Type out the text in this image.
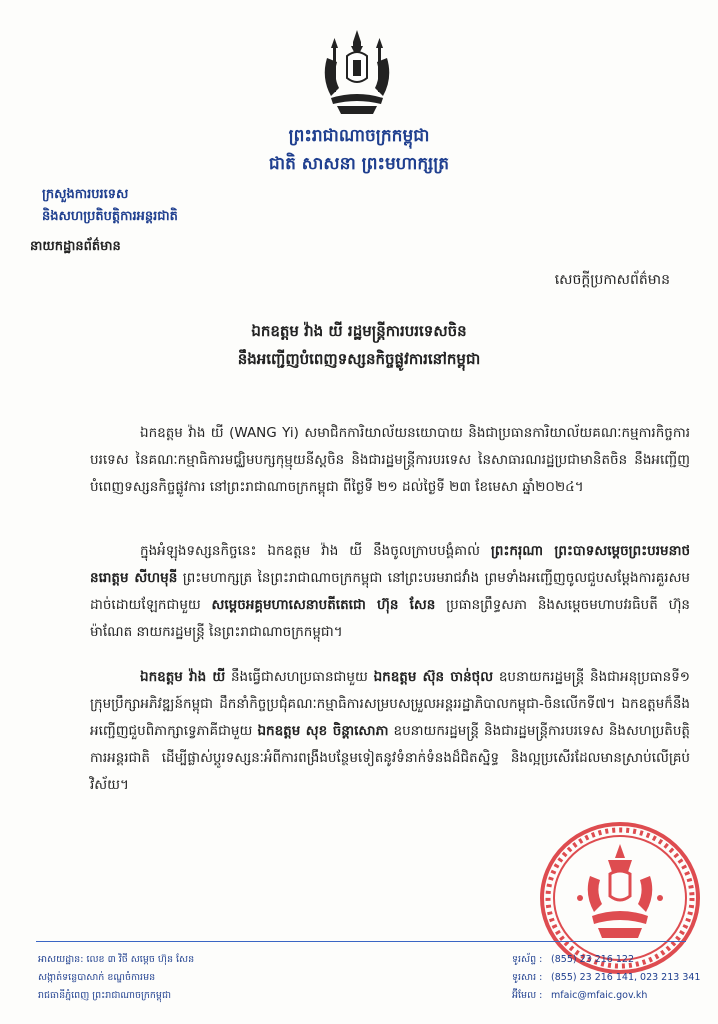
ព្រះរាជាណាចក្រកម្ពុជា
ជាតិ សាសនា ព្រះមហាក្សត្រ
ក្រសួងការបរទេស
និងសហប្រតិបត្តិការអន្តរជាតិ
នាយកដ្ឋានព័ត៌មាន
សេចក្តីប្រកាសព័ត៌មាន
ឯកឧត្តម វ៉ាង យី រដ្ឋមន្ត្រីការបរទេសចិន
នឹងអញ្ជើញបំពេញទស្សនកិច្ចផ្លូវការនៅកម្ពុជា
ឯកឧត្តម វ៉ាង យី (WANG Yi) សមាជិកការិយាល័យនយោបាយ និងជាប្រធានការិយាល័យគណៈកម្មការកិច្ចការបរទេស នៃគណៈកម្មាធិការមជ្ឈិមបក្សកុម្មុយនីស្តចិន និងជារដ្ឋមន្ត្រីការបរទេស នៃសាធារណរដ្ឋប្រជាមានិតចិន នឹងអញ្ជើញបំពេញទស្សនកិច្ចផ្លូវការ នៅព្រះរាជាណាចក្រកម្ពុជា ពីថ្ងៃទី ២១ ដល់ថ្ងៃទី ២៣ ខែមេសា ឆ្នាំ២០២៤។
ក្នុងអំឡុងទស្សនកិច្ចនេះ ឯកឧត្តម វ៉ាង យី នឹងចូលក្រាបបង្គំគាល់ ព្រះករុណា ព្រះបាទសម្តេចព្រះបរមនាថ នរោត្តម សីហមុនី ព្រះមហាក្សត្រ នៃព្រះរាជាណាចក្រកម្ពុជា នៅព្រះបរមរាជវាំង ព្រមទាំងអញ្ជើញចូលជួបសម្តែងការគួរសមដាច់ដោយឡែកជាមួយ សម្តេចអគ្គមហាសេនាបតីតេជោ ហ៊ុន សែន ប្រធានព្រឹទ្ធសភា និងសម្តេចមហាបវរធិបតី ហ៊ុន ម៉ាណែត នាយករដ្ឋមន្ត្រី នៃព្រះរាជាណាចក្រកម្ពុជា។
ឯកឧត្តម វ៉ាង យី នឹងធ្វើជាសហប្រធានជាមួយ ឯកឧត្តម ស៊ុន ចាន់ថុល ឧបនាយករដ្ឋមន្ត្រី និងជាអនុប្រធានទី១ ក្រុមប្រឹក្សាអភិវឌ្ឍន៍កម្ពុជា ដឹកនាំកិច្ចប្រជុំគណៈកម្មាធិការសម្របសម្រួលអន្តររដ្ឋាភិបាលកម្ពុជា-ចិនលើកទី៧។ ឯកឧត្តមក៏នឹងអញ្ជើញជួបពិភាក្សាទ្វេភាគីជាមួយ ឯកឧត្តម សុខ ចិន្តាសោភា ឧបនាយករដ្ឋមន្ត្រី និងជារដ្ឋមន្ត្រីការបរទេស និងសហប្រតិបត្តិការអន្តរជាតិ ដើម្បីផ្លាស់ប្តូរទស្សនៈអំពីការពង្រឹងបន្ថែមទៀតនូវទំនាក់ទំនងដ៏ជិតស្និទ្ធ និងល្អប្រសើរដែលមានស្រាប់លើគ្រប់វិស័យ។
អាសយដ្ឋាន: លេខ ៣ វិថី សម្តេច ហ៊ុន សែន
សង្កាត់ទន្លេបាសាក់ ខណ្ឌចំការមន
រាជធានីភ្នំពេញ ព្រះរាជាណាចក្រកម្ពុជា
ទូរស័ព្ទ : (855) 23 216 122
ទូរសារ : (855) 23 216 141, 023 213 341
អ៊ីមែល : mfaic@mfaic.gov.kh
